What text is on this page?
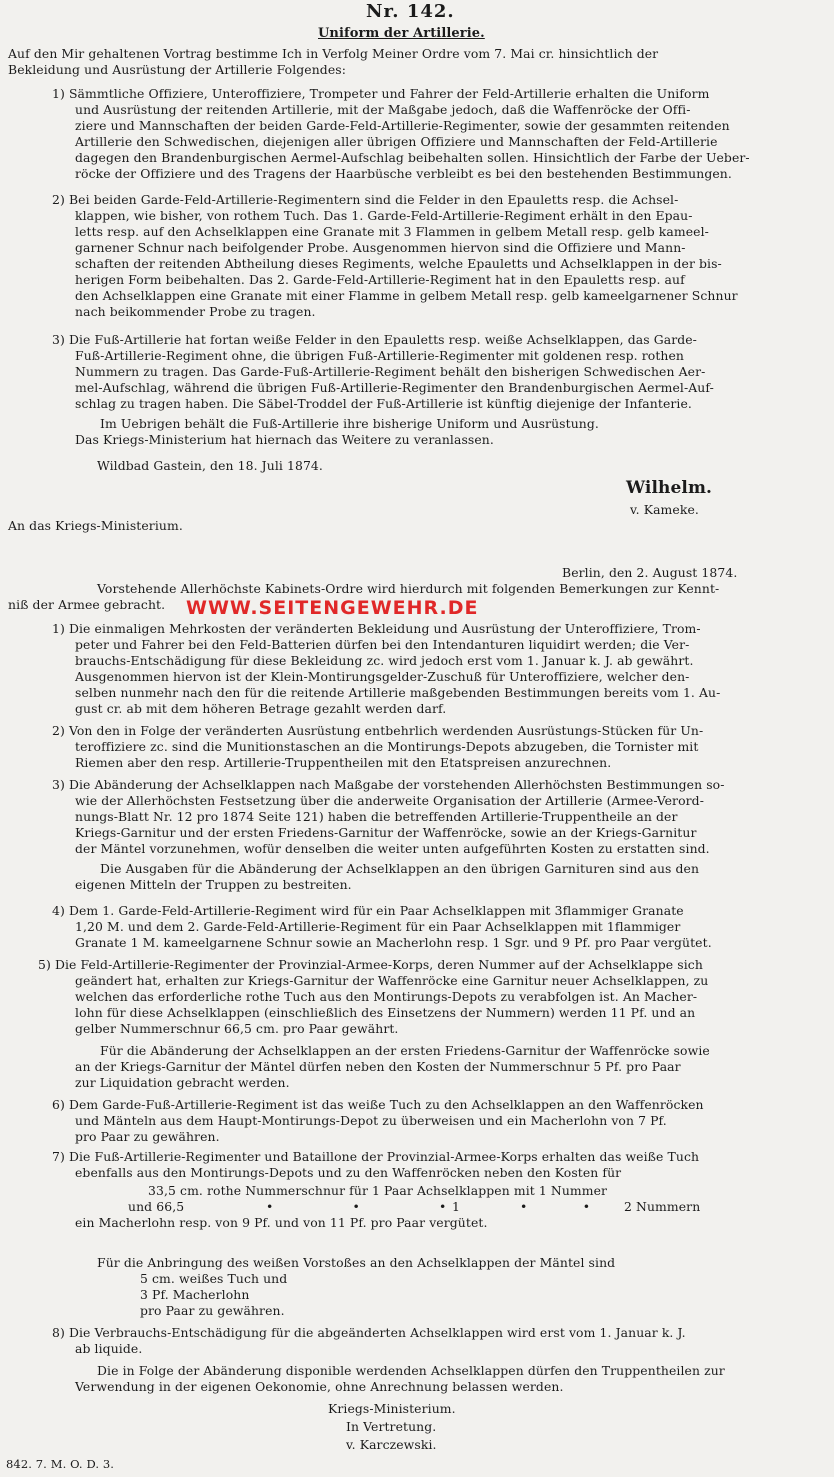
Nr. 142.
Uniform der Artillerie.
Auf den Mir gehaltenen Vortrag bestimme Ich in Verfolg Meiner Ordre vom 7. Mai cr. hinsichtlich der
Bekleidung und Ausrüstung der Artillerie Folgendes:
1) Sämmtliche Offiziere, Unteroffiziere, Trompeter und Fahrer der Feld-Artillerie erhalten die Uniform
und Ausrüstung der reitenden Artillerie, mit der Maßgabe jedoch, daß die Waffenröcke der Offi-
ziere und Mannschaften der beiden Garde-Feld-Artillerie-Regimenter, sowie der gesammten reitenden
Artillerie den Schwedischen, diejenigen aller übrigen Offiziere und Mannschaften der Feld-Artillerie
dagegen den Brandenburgischen Aermel-Aufschlag beibehalten sollen. Hinsichtlich der Farbe der Ueber-
röcke der Offiziere und des Tragens der Haarbüsche verbleibt es bei den bestehenden Bestimmungen.
2) Bei beiden Garde-Feld-Artillerie-Regimentern sind die Felder in den Epauletts resp. die Achsel-
klappen, wie bisher, von rothem Tuch. Das 1. Garde-Feld-Artillerie-Regiment erhält in den Epau-
letts resp. auf den Achselklappen eine Granate mit 3 Flammen in gelbem Metall resp. gelb kameel-
garnener Schnur nach beifolgender Probe. Ausgenommen hiervon sind die Offiziere und Mann-
schaften der reitenden Abtheilung dieses Regiments, welche Epauletts und Achselklappen in der bis-
herigen Form beibehalten. Das 2. Garde-Feld-Artillerie-Regiment hat in den Epauletts resp. auf
den Achselklappen eine Granate mit einer Flamme in gelbem Metall resp. gelb kameelgarnener Schnur
nach beikommender Probe zu tragen.
3) Die Fuß-Artillerie hat fortan weiße Felder in den Epauletts resp. weiße Achselklappen, das Garde-
Fuß-Artillerie-Regiment ohne, die übrigen Fuß-Artillerie-Regimenter mit goldenen resp. rothen
Nummern zu tragen. Das Garde-Fuß-Artillerie-Regiment behält den bisherigen Schwedischen Aer-
mel-Aufschlag, während die übrigen Fuß-Artillerie-Regimenter den Brandenburgischen Aermel-Auf-
schlag zu tragen haben. Die Säbel-Troddel der Fuß-Artillerie ist künftig diejenige der Infanterie.
Im Uebrigen behält die Fuß-Artillerie ihre bisherige Uniform und Ausrüstung.
Das Kriegs-Ministerium hat hiernach das Weitere zu veranlassen.
Wildbad Gastein, den 18. Juli 1874.
Wilhelm.
v. Kameke.
An das Kriegs-Ministerium.
Berlin, den 2. August 1874.
Vorstehende Allerhöchste Kabinets-Ordre wird hierdurch mit folgenden Bemerkungen zur Kennt-
niß der Armee gebracht. WWW.SEITENGEWEHR.DE
1) Die einmaligen Mehrkosten der veränderten Bekleidung und Ausrüstung der Unteroffiziere, Trom-
peter und Fahrer bei den Feld-Batterien dürfen bei den Intendanturen liquidirt werden; die Ver-
brauchs-Entschädigung für diese Bekleidung zc. wird jedoch erst vom 1. Januar k. J. ab gewährt.
Ausgenommen hiervon ist der Klein-Montirungsgelder-Zuschuß für Unteroffiziere, welcher den-
selben nunmehr nach den für die reitende Artillerie maßgebenden Bestimmungen bereits vom 1. Au-
gust cr. ab mit dem höheren Betrage gezahlt werden darf.
2) Von den in Folge der veränderten Ausrüstung entbehrlich werdenden Ausrüstungs-Stücken für Un-
teroffiziere zc. sind die Munitionstaschen an die Montirungs-Depots abzugeben, die Tornister mit
Riemen aber den resp. Artillerie-Truppentheilen mit den Etatspreisen anzurechnen.
3) Die Abänderung der Achselklappen nach Maßgabe der vorstehenden Allerhöchsten Bestimmungen so-
wie der Allerhöchsten Festsetzung über die anderweite Organisation der Artillerie (Armee-Verord-
nungs-Blatt Nr. 12 pro 1874 Seite 121) haben die betreffenden Artillerie-Truppentheile an der
Kriegs-Garnitur und der ersten Friedens-Garnitur der Waffenröcke, sowie an der Kriegs-Garnitur
der Mäntel vorzunehmen, wofür denselben die weiter unten aufgeführten Kosten zu erstatten sind.
Die Ausgaben für die Abänderung der Achselklappen an den übrigen Garnituren sind aus den
eigenen Mitteln der Truppen zu bestreiten.
4) Dem 1. Garde-Feld-Artillerie-Regiment wird für ein Paar Achselklappen mit 3flammiger Granate
1,20 M. und dem 2. Garde-Feld-Artillerie-Regiment für ein Paar Achselklappen mit 1flammiger
Granate 1 M. kameelgarnene Schnur sowie an Macherlohn resp. 1 Sgr. und 9 Pf. pro Paar vergütet.
5) Die Feld-Artillerie-Regimenter der Provinzial-Armee-Korps, deren Nummer auf der Achselklappe sich
geändert hat, erhalten zur Kriegs-Garnitur der Waffenröcke eine Garnitur neuer Achselklappen, zu
welchen das erforderliche rothe Tuch aus den Montirungs-Depots zu verabfolgen ist. An Macher-
lohn für diese Achselklappen (einschließlich des Einsetzens der Nummern) werden 11 Pf. und an
gelber Nummerschnur 66,5 cm. pro Paar gewährt.
Für die Abänderung der Achselklappen an der ersten Friedens-Garnitur der Waffenröcke sowie
an der Kriegs-Garnitur der Mäntel dürfen neben den Kosten der Nummerschnur 5 Pf. pro Paar
zur Liquidation gebracht werden.
6) Dem Garde-Fuß-Artillerie-Regiment ist das weiße Tuch zu den Achselklappen an den Waffenröcken
und Mänteln aus dem Haupt-Montirungs-Depot zu überweisen und ein Macherlohn von 7 Pf.
pro Paar zu gewähren.
7) Die Fuß-Artillerie-Regimenter und Bataillone der Provinzial-Armee-Korps erhalten das weiße Tuch
ebenfalls aus den Montirungs-Depots und zu den Waffenröcken neben den Kosten für
33,5 cm. rothe Nummerschnur für 1 Paar Achselklappen mit 1 Nummer
und 66,5	•             •             • 1	•         •	2 Nummern
ein Macherlohn resp. von 9 Pf. und von 11 Pf. pro Paar vergütet.
Für die Anbringung des weißen Vorstoßes an den Achselklappen der Mäntel sind
5 cm. weißes Tuch und
3 Pf. Macherlohn
pro Paar zu gewähren.
8) Die Verbrauchs-Entschädigung für die abgeänderten Achselklappen wird erst vom 1. Januar k. J.
ab liquide.
Die in Folge der Abänderung disponible werdenden Achselklappen dürfen den Truppentheilen zur
Verwendung in der eigenen Oekonomie, ohne Anrechnung belassen werden.
Kriegs-Ministerium.
In Vertretung.
v. Karczewski.
842. 7. M. O. D. 3.
